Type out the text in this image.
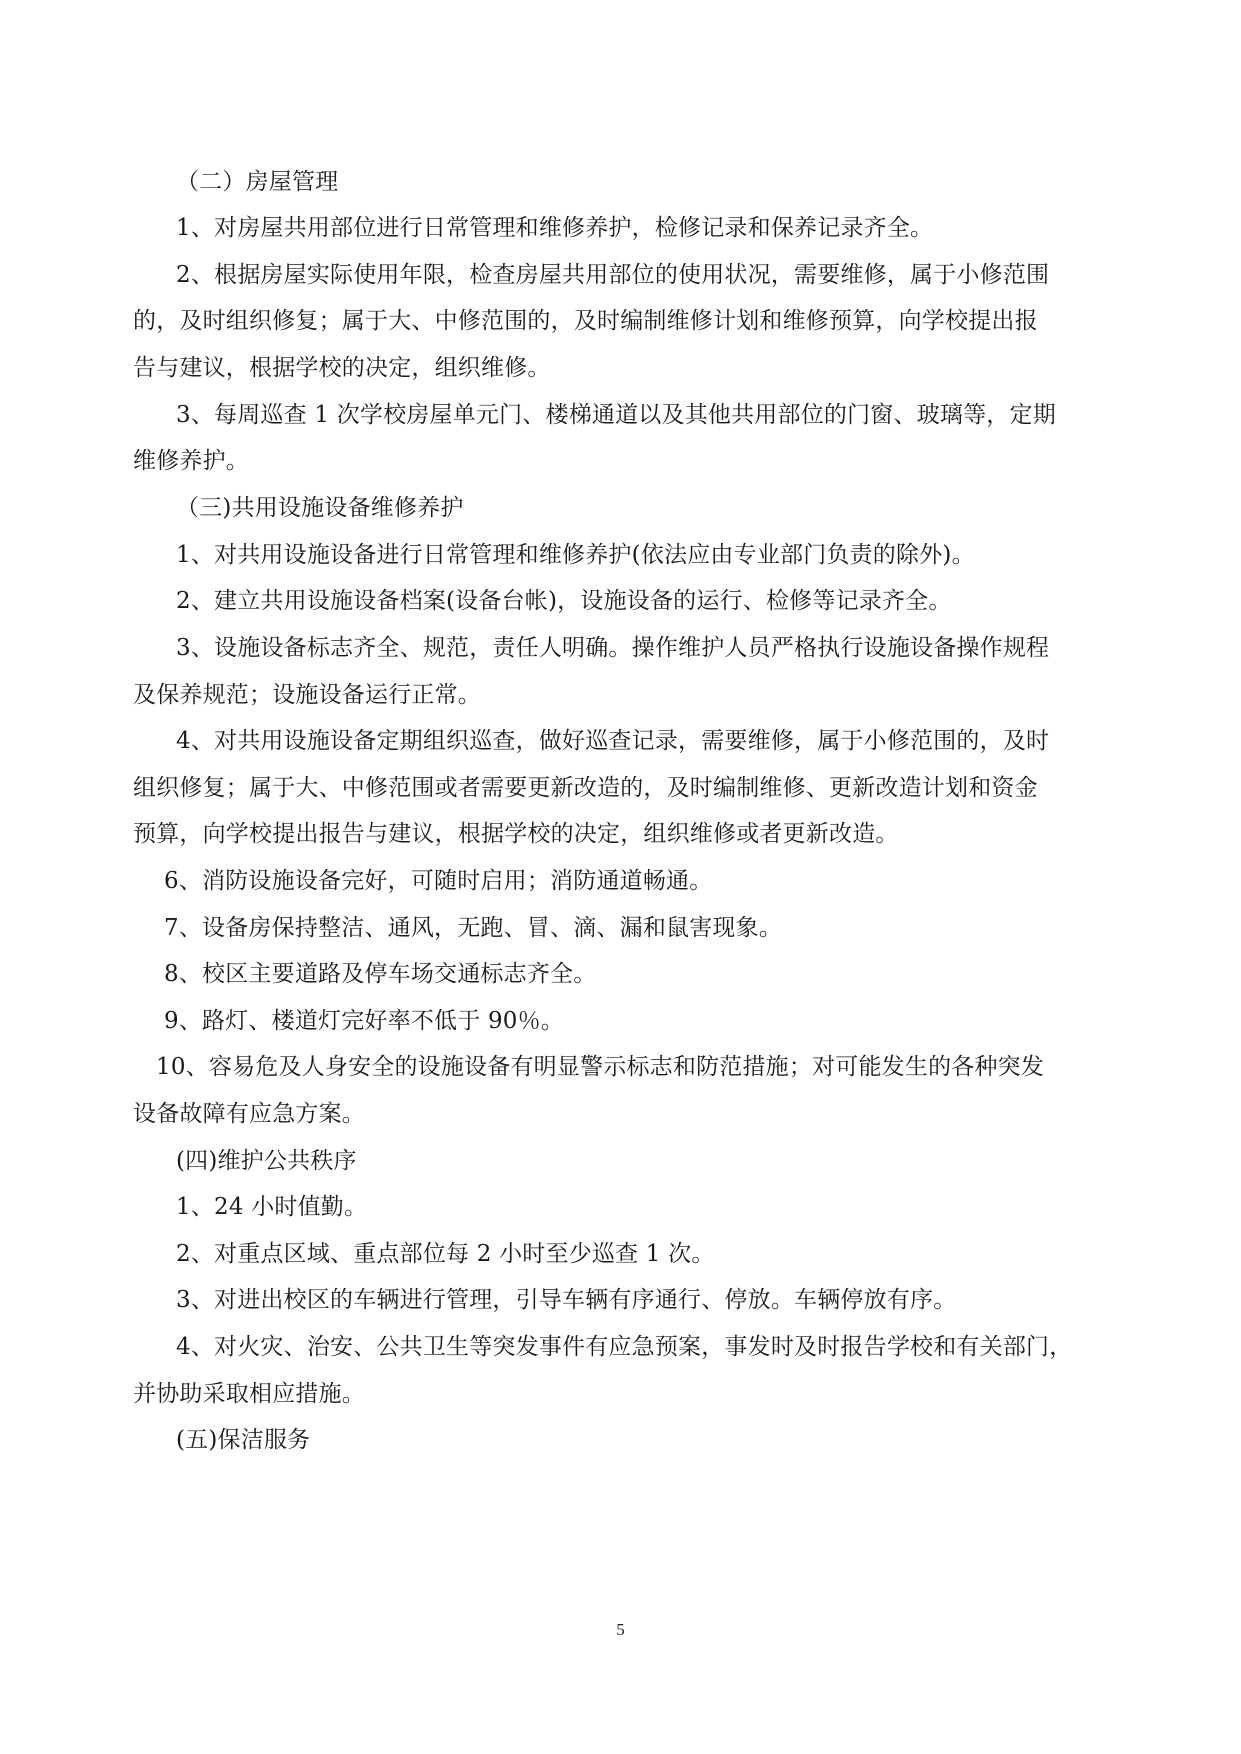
（二）房屋管理
1、对房屋共用部位进行日常管理和维修养护，检修记录和保养记录齐全。
2、根据房屋实际使用年限，检查房屋共用部位的使用状况，需要维修，属于小修范围
的，及时组织修复；属于大、中修范围的，及时编制维修计划和维修预算，向学校提出报
告与建议，根据学校的决定，组织维修。
3、每周巡查 1 次学校房屋单元门、楼梯通道以及其他共用部位的门窗、玻璃等，定期
维修养护。
（三)共用设施设备维修养护
1、对共用设施设备进行日常管理和维修养护(依法应由专业部门负责的除外)。
2、建立共用设施设备档案(设备台帐)，设施设备的运行、检修等记录齐全。
3、设施设备标志齐全、规范，责任人明确。操作维护人员严格执行设施设备操作规程
及保养规范；设施设备运行正常。
4、对共用设施设备定期组织巡查，做好巡查记录，需要维修，属于小修范围的，及时
组织修复；属于大、中修范围或者需要更新改造的，及时编制维修、更新改造计划和资金
预算，向学校提出报告与建议，根据学校的决定，组织维修或者更新改造。
6、消防设施设备完好，可随时启用；消防通道畅通。
7、设备房保持整洁、通风，无跑、冒、滴、漏和鼠害现象。
8、校区主要道路及停车场交通标志齐全。
9、路灯、楼道灯完好率不低于 90％。
10、容易危及人身安全的设施设备有明显警示标志和防范措施；对可能发生的各种突发
设备故障有应急方案。
(四)维护公共秩序
1、24 小时值勤。
2、对重点区域、重点部位每 2 小时至少巡查 1 次。
3、对进出校区的车辆进行管理，引导车辆有序通行、停放。车辆停放有序。
4、对火灾、治安、公共卫生等突发事件有应急预案，事发时及时报告学校和有关部门，
并协助采取相应措施。
(五)保洁服务
5
